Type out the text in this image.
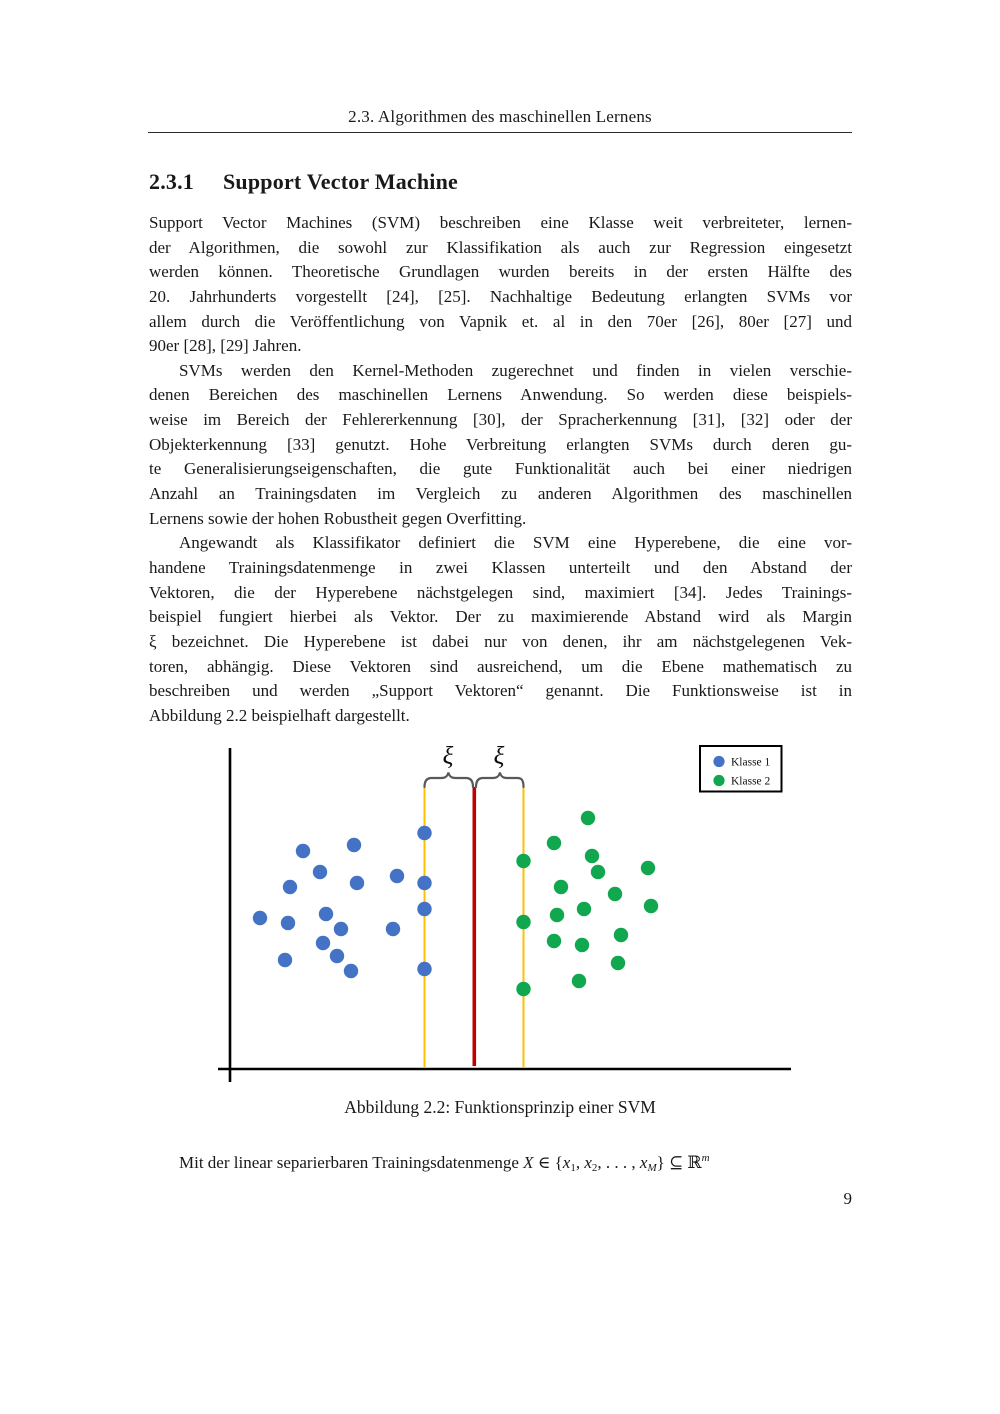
2.3. Algorithmen des maschinellen Lernens
2.3.1 Support Vector Machine
Support Vector Machines (SVM) beschreiben eine Klasse weit verbreiteter, lernen-
der Algorithmen, die sowohl zur Klassifikation als auch zur Regression eingesetzt
werden können. Theoretische Grundlagen wurden bereits in der ersten Hälfte des
20. Jahrhunderts vorgestellt [24], [25]. Nachhaltige Bedeutung erlangten SVMs vor
allem durch die Veröffentlichung von Vapnik et. al in den 70er [26], 80er [27] und
90er [28], [29] Jahren.
SVMs werden den Kernel-Methoden zugerechnet und finden in vielen verschie-
denen Bereichen des maschinellen Lernens Anwendung. So werden diese beispiels-
weise im Bereich der Fehlererkennung [30], der Spracherkennung [31], [32] oder der
Objekterkennung [33] genutzt. Hohe Verbreitung erlangten SVMs durch deren gu-
te Generalisierungseigenschaften, die gute Funktionalität auch bei einer niedrigen
Anzahl an Trainingsdaten im Vergleich zu anderen Algorithmen des maschinellen
Lernens sowie der hohen Robustheit gegen Overfitting.
Angewandt als Klassifikator definiert die SVM eine Hyperebene, die eine vor-
handene Trainingsdatenmenge in zwei Klassen unterteilt und den Abstand der
Vektoren, die der Hyperebene nächstgelegen sind, maximiert [34]. Jedes Trainings-
beispiel fungiert hierbei als Vektor. Der zu maximierende Abstand wird als Margin
ξ bezeichnet. Die Hyperebene ist dabei nur von denen, ihr am nächstgelegenen Vek-
toren, abhängig. Diese Vektoren sind ausreichend, um die Ebene mathematisch zu
beschreiben und werden „Support Vektoren“ genannt. Die Funktionsweise ist in
Abbildung 2.2 beispielhaft dargestellt.
ξ ξ	Klasse 1
Klasse 2
Abbildung 2.2: Funktionsprinzip einer SVM
Mit der linear separierbaren Trainingsdatenmenge X ∈ {$x_1$, $x_2$, . . . , $x_M$} ⊆ ℝ$^m$
9
